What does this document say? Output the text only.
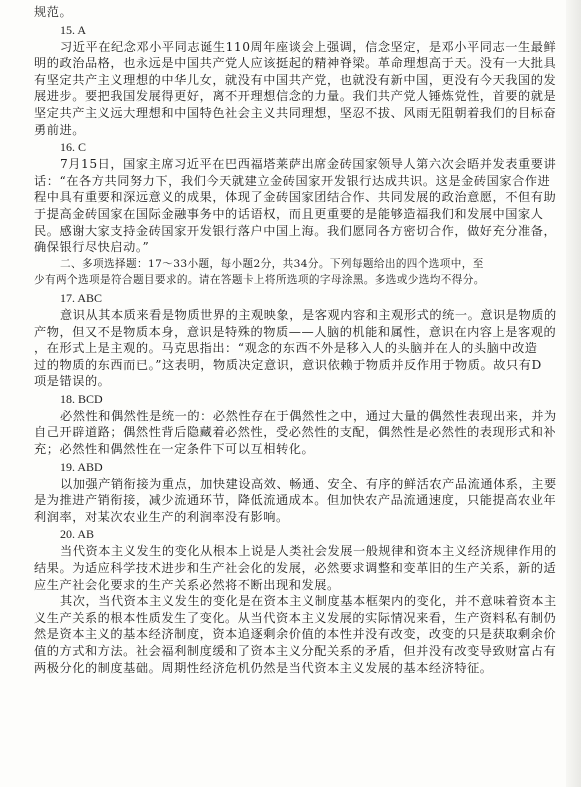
规范。
15. A
习近平在纪念邓小平同志诞生110周年座谈会上强调，信念坚定，是邓小平同志一生最鲜
明的政治品格，也永远是中国共产党人应该挺起的精神脊梁。革命理想高于天。没有一大批具
有坚定共产主义理想的中华儿女，就没有中国共产党，也就没有新中国，更没有今天我国的发
展进步。要把我国发展得更好，离不开理想信念的力量。我们共产党人锤炼党性，首要的就是
坚定共产主义远大理想和中国特色社会主义共同理想，坚忍不拔、风雨无阻朝着我们的目标奋
勇前进。
16. C
7月15日，国家主席习近平在巴西福塔莱萨出席金砖国家领导人第六次会晤并发表重要讲
话：“在各方共同努力下，我们今天就建立金砖国家开发银行达成共识。这是金砖国家合作进
程中具有重要和深远意义的成果，体现了金砖国家团结合作、共同发展的政治意愿，不但有助
于提高金砖国家在国际金融事务中的话语权，而且更重要的是能够造福我们和发展中国家人
民。感谢大家支持金砖国家开发银行落户中国上海。我们愿同各方密切合作，做好充分准备，
确保银行尽快启动。”
二、多项选择题：17～33小题，每小题2分，共34分。下列每题给出的四个选项中，至
少有两个选项是符合题目要求的。请在答题卡上将所选项的字母涂黑。多选或少选均不得分。
17. ABC
意识从其本质来看是物质世界的主观映象，是客观内容和主观形式的统一。意识是物质的
产物，但又不是物质本身，意识是特殊的物质——人脑的机能和属性，意识在内容上是客观的
，在形式上是主观的。马克思指出：“观念的东西不外是移入人的头脑并在人的头脑中改造
过的物质的东西而已。”这表明，物质决定意识，意识依赖于物质并反作用于物质。故只有D
项是错误的。
18. BCD
必然性和偶然性是统一的：必然性存在于偶然性之中，通过大量的偶然性表现出来，并为
自己开辟道路；偶然性背后隐藏着必然性，受必然性的支配，偶然性是必然性的表现形式和补
充；必然性和偶然性在一定条件下可以互相转化。
19. ABD
以加强产销衔接为重点，加快建设高效、畅通、安全、有序的鲜活农产品流通体系，主要
是为推进产销衔接，减少流通环节，降低流通成本。但加快农产品流通速度，只能提高农业年
利润率，对某次农业生产的利润率没有影响。
20. AB
当代资本主义发生的变化从根本上说是人类社会发展一般规律和资本主义经济规律作用的
结果。为适应科学技术进步和生产社会化的发展，必然要求调整和变革旧的生产关系，新的适
应生产社会化要求的生产关系必然将不断出现和发展。
其次，当代资本主义发生的变化是在资本主义制度基本框架内的变化，并不意味着资本主
义生产关系的根本性质发生了变化。从当代资本主义发展的实际情况来看，生产资料私有制仍
然是资本主义的基本经济制度，资本追逐剩余价值的本性并没有改变，改变的只是获取剩余价
值的方式和方法。社会福利制度缓和了资本主义分配关系的矛盾，但并没有改变导致财富占有
两极分化的制度基础。周期性经济危机仍然是当代资本主义发展的基本经济特征。
